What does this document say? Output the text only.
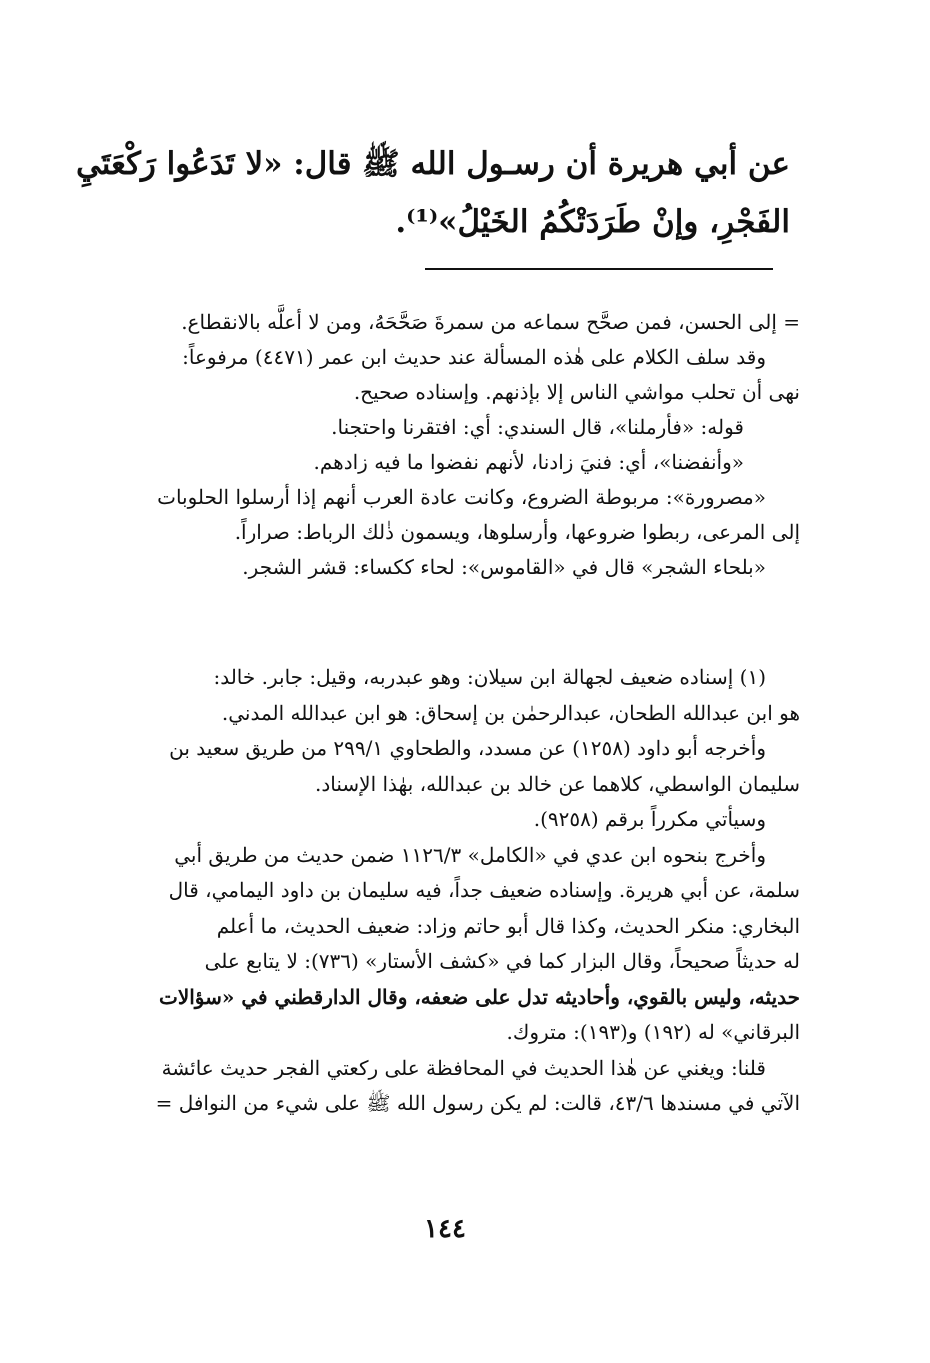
عن أبي هريرة أن رسـول الله ﷺ قال: «لا تَدَعُوا رَكْعَتَيِ
الفَجْرِ، وإنْ طَرَدَتْكُمُ الخَيْلُ»⁽¹⁾.
= إلى الحسن، فمن صحَّح سماعه من سمرةَ صَحَّحَهُ، ومن لا أعلَّه بالانقطاع.
وقد سلف الكلام على هٰذه المسألة عند حديث ابن عمر (٤٤٧١) مرفوعاً:
نهى أن تحلب مواشي الناس إلا بإذنهم. وإسناده صحيح.
قوله: «فأرملنا»، قال السندي: أي: افتقرنا واحتجنا.
«وأنفضنا»، أي: فنيَ زادنا، لأنهم نفضوا ما فيه زادهم.
«مصرورة»: مربوطة الضروع، وكانت عادة العرب أنهم إذا أرسلوا الحلوبات
إلى المرعى، ربطوا ضروعها، وأرسلوها، ويسمون ذٰلك الرباط: صراراً.
«بلحاء الشجر» قال في «القاموس»: لحاء ككساء: قشر الشجر.
(١) إسناده ضعيف لجهالة ابن سيلان: وهو عبدربه، وقيل: جابر. خالد:
هو ابن عبدالله الطحان، عبدالرحمٰن بن إسحاق: هو ابن عبدالله المدني.
وأخرجه أبو داود (١٢٥٨) عن مسدد، والطحاوي ٢٩٩/١ من طريق سعيد بن
سليمان الواسطي، كلاهما عن خالد بن عبدالله، بهٰذا الإسناد.
وسيأتي مكرراً برقم (٩٢٥٨).
وأخرج بنحوه ابن عدي في «الكامل» ١١٢٦/٣ ضمن حديث من طريق أبي
سلمة، عن أبي هريرة. وإسناده ضعيف جداً، فيه سليمان بن داود اليمامي، قال
البخاري: منكر الحديث، وكذا قال أبو حاتم وزاد: ضعيف الحديث، ما أعلم
له حديثاً صحيحاً، وقال البزار كما في «كشف الأستار» (٧٣٦): لا يتابع على
حديثه، وليس بالقوي، وأحاديثه تدل على ضعفه، وقال الدارقطني في «سؤالات
البرقاني» له (١٩٢) و(١٩٣): متروك.
قلنا: ويغني عن هٰذا الحديث في المحافظة على ركعتي الفجر حديث عائشة
الآتي في مسندها ٤٣/٦، قالت: لم يكن رسول الله ﷺ على شيء من النوافل =
١٤٤
